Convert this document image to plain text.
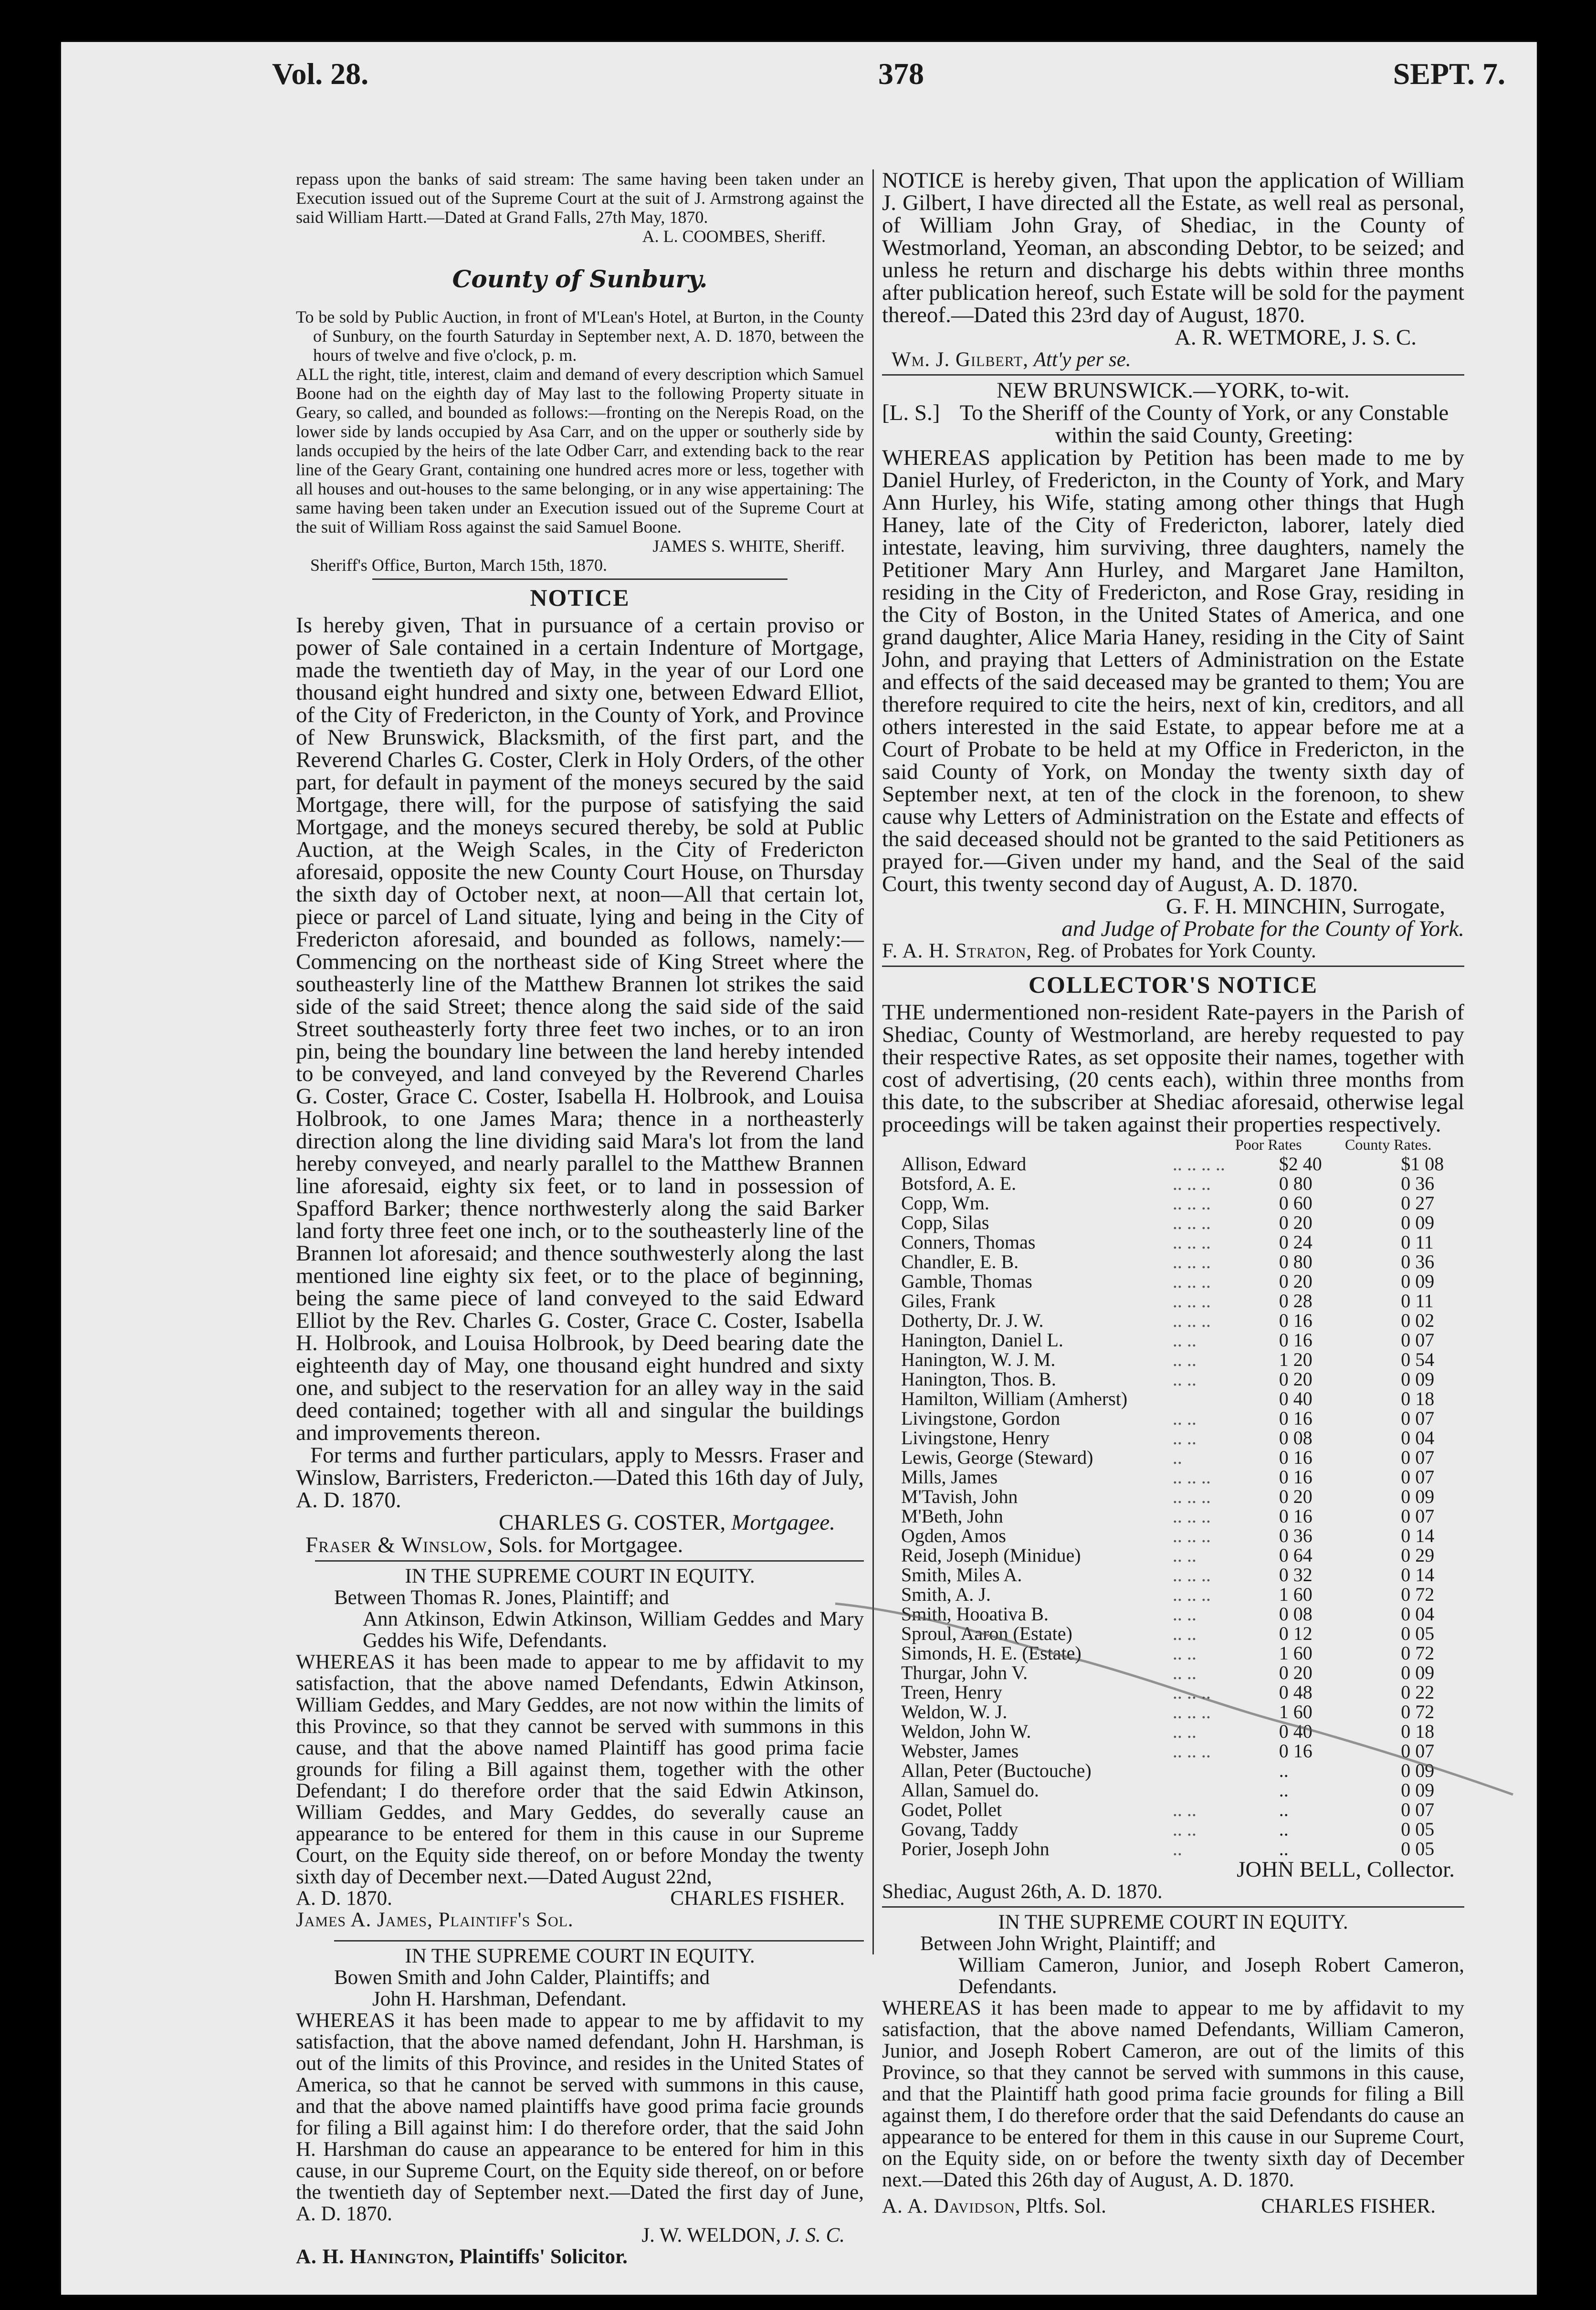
Vol. 28.	378	SEPT. 7.

repass upon the banks of said stream: The same having been taken under an Execution issued out of the Supreme Court at the suit of J. Armstrong against the said William Hartt.—Dated at Grand Falls, 27th May, 1870.

A. L. COOMBES, Sheriff.

County of Sunbury.

To be sold by Public Auction, in front of M'Lean's Hotel, at Burton, in the County of Sunbury, on the fourth Saturday in September next, A. D. 1870, between the hours of twelve and five o'clock, p. m.

ALL the right, title, interest, claim and demand of every description which Samuel Boone had on the eighth day of May last to the following Property situate in Geary, so called, and bounded as follows:—fronting on the Nerepis Road, on the lower side by lands occupied by Asa Carr, and on the upper or southerly side by lands occupied by the heirs of the late Odber Carr, and extending back to the rear line of the Geary Grant, containing one hundred acres more or less, together with all houses and out-houses to the same belonging, or in any wise appertaining: The same having been taken under an Execution issued out of the Supreme Court at the suit of William Ross against the said Samuel Boone.

JAMES S. WHITE, Sheriff.

Sheriff's Office, Burton, March 15th, 1870.

NOTICE

Is hereby given, That in pursuance of a certain proviso or power of Sale contained in a certain Indenture of Mortgage, made the twentieth day of May, in the year of our Lord one thousand eight hundred and sixty one, between Edward Elliot, of the City of Fredericton, in the County of York, and Province of New Brunswick, Blacksmith, of the first part, and the Reverend Charles G. Coster, Clerk in Holy Orders, of the other part, for default in payment of the moneys secured by the said Mortgage, there will, for the purpose of satisfying the said Mortgage, and the moneys secured thereby, be sold at Public Auction, at the Weigh Scales, in the City of Fredericton aforesaid, opposite the new County Court House, on Thursday the sixth day of October next, at noon—All that certain lot, piece or parcel of Land situate, lying and being in the City of Fredericton aforesaid, and bounded as follows, namely:—Commencing on the northeast side of King Street where the southeasterly line of the Matthew Brannen lot strikes the said side of the said Street; thence along the said side of the said Street southeasterly forty three feet two inches, or to an iron pin, being the boundary line between the land hereby intended to be conveyed, and land conveyed by the Reverend Charles G. Coster, Grace C. Coster, Isabella H. Holbrook, and Louisa Holbrook, to one James Mara; thence in a northeasterly direction along the line dividing said Mara's lot from the land hereby conveyed, and nearly parallel to the Matthew Brannen line aforesaid, eighty six feet, or to land in possession of Spafford Barker; thence northwesterly along the said Barker land forty three feet one inch, or to the southeasterly line of the Brannen lot aforesaid; and thence southwesterly along the last mentioned line eighty six feet, or to the place of beginning, being the same piece of land conveyed to the said Edward Elliot by the Rev. Charles G. Coster, Grace C. Coster, Isabella H. Holbrook, and Louisa Holbrook, by Deed bearing date the eighteenth day of May, one thousand eight hundred and sixty one, and subject to the reservation for an alley way in the said deed contained; together with all and singular the buildings and improvements thereon.

For terms and further particulars, apply to Messrs. Fraser and Winslow, Barristers, Fredericton.—Dated this 16th day of July, A. D. 1870.

CHARLES G. COSTER, Mortgagee.

Fraser & Winslow, Sols. for Mortgagee.

IN THE SUPREME COURT IN EQUITY.

Between Thomas R. Jones, Plaintiff; and

Ann Atkinson, Edwin Atkinson, William Geddes and Mary Geddes his Wife, Defendants.

WHEREAS it has been made to appear to me by affidavit to my satisfaction, that the above named Defendants, Edwin Atkinson, William Geddes, and Mary Geddes, are not now within the limits of this Province, so that they cannot be served with summons in this cause, and that the above named Plaintiff has good prima facie grounds for filing a Bill against them, together with the other Defendant; I do therefore order that the said Edwin Atkinson, William Geddes, and Mary Geddes, do severally cause an appearance to be entered for them in this cause in our Supreme Court, on the Equity side thereof, on or before Monday the twenty sixth day of December next.—Dated August 22nd,

A. D. 1870.	CHARLES FISHER.

James A. James, Plaintiff's Sol.

IN THE SUPREME COURT IN EQUITY.

Bowen Smith and John Calder, Plaintiffs; and

John H. Harshman, Defendant.

WHEREAS it has been made to appear to me by affidavit to my satisfaction, that the above named defendant, John H. Harshman, is out of the limits of this Province, and resides in the United States of America, so that he cannot be served with summons in this cause, and that the above named plaintiffs have good prima facie grounds for filing a Bill against him: I do therefore order, that the said John H. Harshman do cause an appearance to be entered for him in this cause, in our Supreme Court, on the Equity side thereof, on or before the twentieth day of September next.—Dated the first day of June, A. D. 1870.

J. W. WELDON, J. S. C.

A. H. Hanington, Plaintiffs' Solicitor.

NOTICE is hereby given, That upon the application of William J. Gilbert, I have directed all the Estate, as well real as personal, of William John Gray, of Shediac, in the County of Westmorland, Yeoman, an absconding Debtor, to be seized; and unless he return and discharge his debts within three months after publication hereof, such Estate will be sold for the payment thereof.—Dated this 23rd day of August, 1870.

A. R. WETMORE, J. S. C.

Wm. J. Gilbert, Att'y per se.

NEW BRUNSWICK.—YORK, to-wit.

[L. S.] To the Sheriff of the County of York, or any Constable within the said County, Greeting:

WHEREAS application by Petition has been made to me by Daniel Hurley, of Fredericton, in the County of York, and Mary Ann Hurley, his Wife, stating among other things that Hugh Haney, late of the City of Fredericton, laborer, lately died intestate, leaving, him surviving, three daughters, namely the Petitioner Mary Ann Hurley, and Margaret Jane Hamilton, residing in the City of Fredericton, and Rose Gray, residing in the City of Boston, in the United States of America, and one grand daughter, Alice Maria Haney, residing in the City of Saint John, and praying that Letters of Administration on the Estate and effects of the said deceased may be granted to them; You are therefore required to cite the heirs, next of kin, creditors, and all others interested in the said Estate, to appear before me at a Court of Probate to be held at my Office in Fredericton, in the said County of York, on Monday the twenty sixth day of September next, at ten of the clock in the forenoon, to shew cause why Letters of Administration on the Estate and effects of the said deceased should not be granted to the said Petitioners as prayed for.—Given under my hand, and the Seal of the said Court, this twenty second day of August, A. D. 1870.

G. F. H. MINCHIN, Surrogate,

and Judge of Probate for the County of York.

F. A. H. Straton, Reg. of Probates for York County.

COLLECTOR'S NOTICE

THE undermentioned non-resident Rate-payers in the Parish of Shediac, County of Westmorland, are hereby requested to pay their respective Rates, as set opposite their names, together with cost of advertising, (20 cents each), within three months from this date, to the subscriber at Shediac aforesaid, otherwise legal proceedings will be taken against their properties respectively.

Poor Rates	County Rates.
Allison, Edward	.. .. .. ..	$2 40	$1 08
Botsford, A. E.	.. .. ..	0 80	0 36
Copp, Wm.	.. .. ..	0 60	0 27
Copp, Silas	.. .. ..	0 20	0 09
Conners, Thomas	.. .. ..	0 24	0 11
Chandler, E. B.	.. .. ..	0 80	0 36
Gamble, Thomas	.. .. ..	0 20	0 09
Giles, Frank	.. .. ..	0 28	0 11
Dotherty, Dr. J. W.	.. .. ..	0 16	0 02
Hanington, Daniel L.	.. ..	0 16	0 07
Hanington, W. J. M.	.. ..	1 20	0 54
Hanington, Thos. B.	.. ..	0 20	0 09
Hamilton, William (Amherst)		0 40	0 18
Livingstone, Gordon	.. ..	0 16	0 07
Livingstone, Henry	.. ..	0 08	0 04
Lewis, George (Steward)	..	0 16	0 07
Mills, James	.. .. ..	0 16	0 07
M'Tavish, John	.. .. ..	0 20	0 09
M'Beth, John	.. .. ..	0 16	0 07
Ogden, Amos	.. .. ..	0 36	0 14
Reid, Joseph (Minidue)	.. ..	0 64	0 29
Smith, Miles A.	.. .. ..	0 32	0 14
Smith, A. J.	.. .. ..	1 60	0 72
Smith, Hooativa B.	.. ..	0 08	0 04
Sproul, Aaron (Estate)	.. ..	0 12	0 05
Simonds, H. E. (Estate)	.. ..	1 60	0 72
Thurgar, John V.	.. ..	0 20	0 09
Treen, Henry	.. .. ..	0 48	0 22
Weldon, W. J.	.. .. ..	1 60	0 72
Weldon, John W.	.. ..	0 40	0 18
Webster, James	.. .. ..	0 16	0 07
Allan, Peter (Buctouche)		..	0 09
Allan, Samuel do.		..	0 09
Godet, Pollet	.. ..	..	0 07
Govang, Taddy	.. ..	..	0 05
Porier, Joseph John	..	..	0 05

JOHN BELL, Collector.

Shediac, August 26th, A. D. 1870.

IN THE SUPREME COURT IN EQUITY.

Between John Wright, Plaintiff; and

William Cameron, Junior, and Joseph Robert Cameron, Defendants.

WHEREAS it has been made to appear to me by affidavit to my satisfaction, that the above named Defendants, William Cameron, Junior, and Joseph Robert Cameron, are out of the limits of this Province, so that they cannot be served with summons in this cause, and that the Plaintiff hath good prima facie grounds for filing a Bill against them, I do therefore order that the said Defendants do cause an appearance to be entered for them in this cause in our Supreme Court, on the Equity side, on or before the twenty sixth day of December next.—Dated this 26th day of August, A. D. 1870.

A. A. Davidson, Pltfs. Sol.	CHARLES FISHER.
